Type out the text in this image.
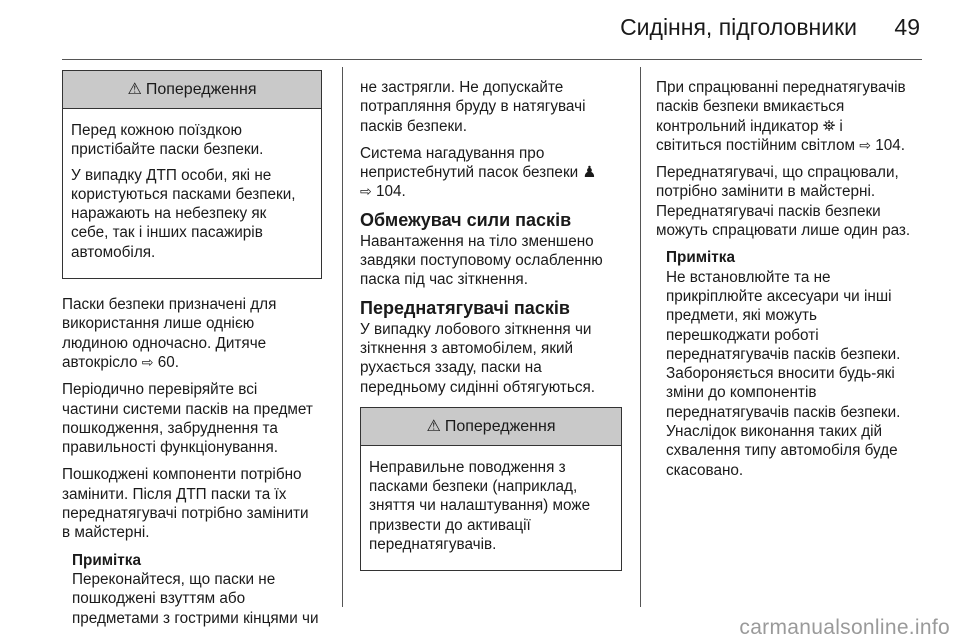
Сидіння, підголовники 49
⚠ Попередження

Перед кожною поїздкою
пристібайте паски безпеки.

У випадку ДТП особи, які не
користуються пасками безпеки,
наражають на небезпеку як
себе, так і інших пасажирів
автомобіля.

Паски безпеки призначені для
використання лише однією
людиною одночасно. Дитяче
автокрісло ⇨ 60.

Періодично перевіряйте всі
частини системи пасків на предмет
пошкодження, забруднення та
правильності функціонування.

Пошкоджені компоненти потрібно
замінити. Після ДТП паски та їх
переднатягувачі потрібно замінити
в майстерні.

Примітка

Переконайтеся, що паски не
пошкоджені взуттям або
предметами з гострими кінцями чи

не застрягли. Не допускайте
потрапляння бруду в натягувачі
пасків безпеки.

Система нагадування про
непристебнутий пасок безпеки ♟
⇨ 104.

Обмежувач сили пасків

Навантаження на тіло зменшено
завдяки поступовому ослабленню
паска під час зіткнення.

Переднатягувачі пасків

У випадку лобового зіткнення чи
зіткнення з автомобілем, який
рухається ззаду, паски на
передньому сидінні обтягуються.

⚠ Попередження

Неправильне поводження з
пасками безпеки (наприклад,
зняття чи налаштування) може
призвести до активації
переднатягувачів.

При спрацюванні переднатягувачів
пасків безпеки вмикається
контрольний індикатор ⛯ і
світиться постійним світлом ⇨ 104.

Переднатягувачі, що спрацювали,
потрібно замінити в майстерні.
Переднатягувачі пасків безпеки
можуть спрацювати лише один раз.

Примітка

Не встановлюйте та не
прикріплюйте аксесуари чи інші
предмети, які можуть
перешкоджати роботі
переднатягувачів пасків безпеки.
Забороняється вносити будь-які
зміни до компонентів
переднатягувачів пасків безпеки.
Унаслідок виконання таких дій
схвалення типу автомобіля буде
скасовано.

carmanualsonline.info
